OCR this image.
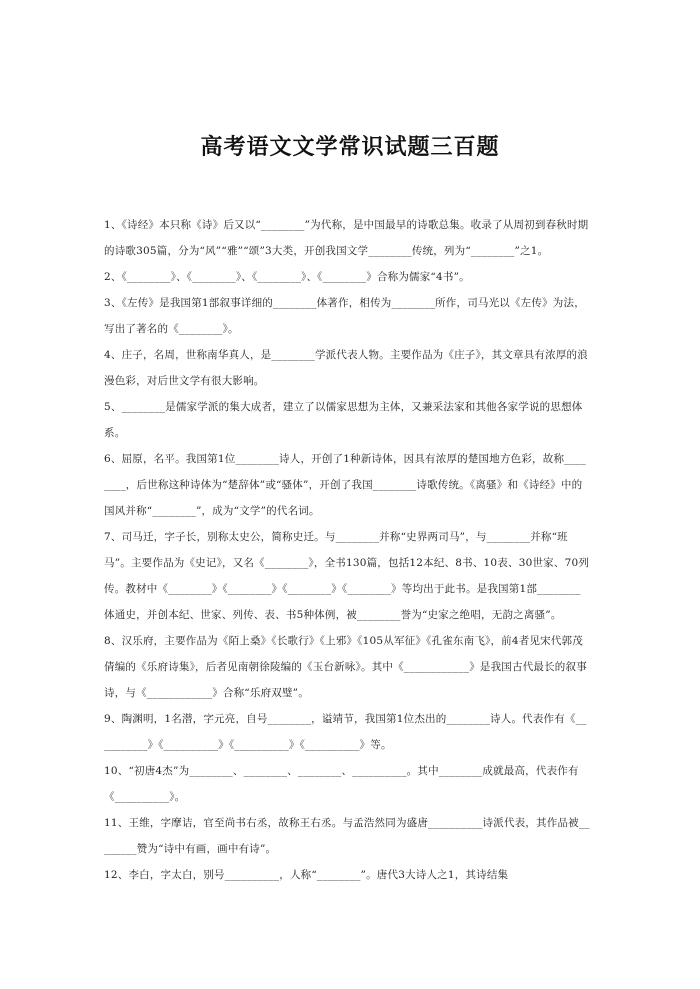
高考语文文学常识试题三百题

1、《诗经》本只称《诗》后又以“________”为代称，是中国最早的诗歌总集。收录了从周初到春秋时期的诗歌305篇，分为“风”“雅”“颂”3大类，开创我国文学________传统，列为“________”之1。

2、《________》、《________》、《________》、《________》合称为儒家“4书”。

3、《左传》是我国第1部叙事详细的________体著作，相传为________所作，司马光以《左传》为法，写出了著名的《________》。

4、庄子，名周，世称南华真人，是________学派代表人物。主要作品为《庄子》，其文章具有浓厚的浪漫色彩，对后世文学有很大影响。

5、________是儒家学派的集大成者，建立了以儒家思想为主体，又兼采法家和其他各家学说的思想体系。

6、屈原，名平。我国第1位________诗人，开创了1种新诗体，因具有浓厚的楚国地方色彩，故称________，后世称这种诗体为“楚辞体”或“骚体”，开创了我国________诗歌传统。《离骚》和《诗经》中的国风并称“________”，成为“文学”的代名词。

7、司马迁，字子长，别称太史公，简称史迁。与________并称“史界两司马”，与________并称“班马”。主要作品为《史记》，又名《________》，全书130篇，包括12本纪、8书、10表、30世家、70列传。教材中《________》《________》《________》《________》等均出于此书。是我国第1部________体通史，并创本纪、世家、列传、表、书5种体例，被________誉为“史家之绝唱，无韵之离骚”。

8、汉乐府，主要作品为《陌上桑》《长歌行》《上邪》《105从军征》《孔雀东南飞》，前4者见宋代郭茂倩编的《乐府诗集》，后者见南朝徐陵编的《玉台新咏》。其中《____________》是我国古代最长的叙事诗，与《____________》合称“乐府双璧”。

9、陶渊明，1名潜，字元亮，自号________，谥靖节，我国第1位杰出的________诗人。代表作有《__________》《__________》《__________》《__________》等。

10、“初唐4杰”为________、________、________、__________。其中________成就最高，代表作有《__________》。

11、王维，字摩诘，官至尚书右丞，故称王右丞。与孟浩然同为盛唐__________诗派代表，其作品被________赞为“诗中有画，画中有诗”。

12、李白，字太白，别号__________，人称“________”。唐代3大诗人之1，其诗结集
